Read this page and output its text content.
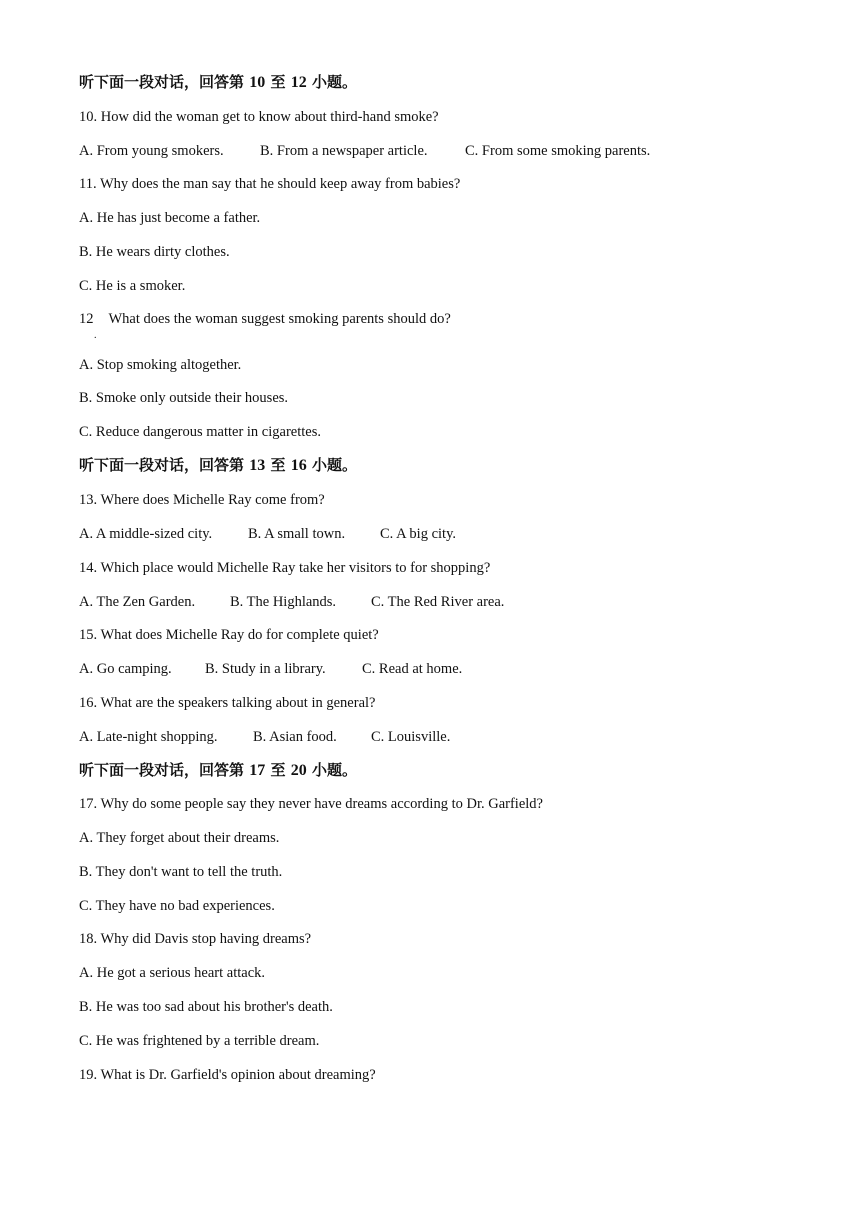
听下面一段对话，回答第 10 至 12 小题。
10. How did the woman get to know about third-hand smoke?
A. From young smokers.	B. From a newspaper article.	C. From some smoking parents.
11. Why does the man say that he should keep away from babies?
A. He has just become a father.
B. He wears dirty clothes.
C. He is a smoker.
12 What does the woman suggest smoking parents should do?
.
A. Stop smoking altogether.
B. Smoke only outside their houses.
C. Reduce dangerous matter in cigarettes.
听下面一段对话，回答第 13 至 16 小题。
13. Where does Michelle Ray come from?
A. A middle-sized city. B. A small town. C. A big city.
14. Which place would Michelle Ray take her visitors to for shopping?
A. The Zen Garden. B. The Highlands. C. The Red River area.
15. What does Michelle Ray do for complete quiet?
A. Go camping. B. Study in a library.	C. Read at home.
16. What are the speakers talking about in general?
A. Late-night shopping. B. Asian food. C. Louisville.
听下面一段对话，回答第 17 至 20 小题。
17. Why do some people say they never have dreams according to Dr. Garfield?
A. They forget about their dreams.
B. They don't want to tell the truth.
C. They have no bad experiences.
18. Why did Davis stop having dreams?
A. He got a serious heart attack.
B. He was too sad about his brother's death.
C. He was frightened by a terrible dream.
19. What is Dr. Garfield's opinion about dreaming?
